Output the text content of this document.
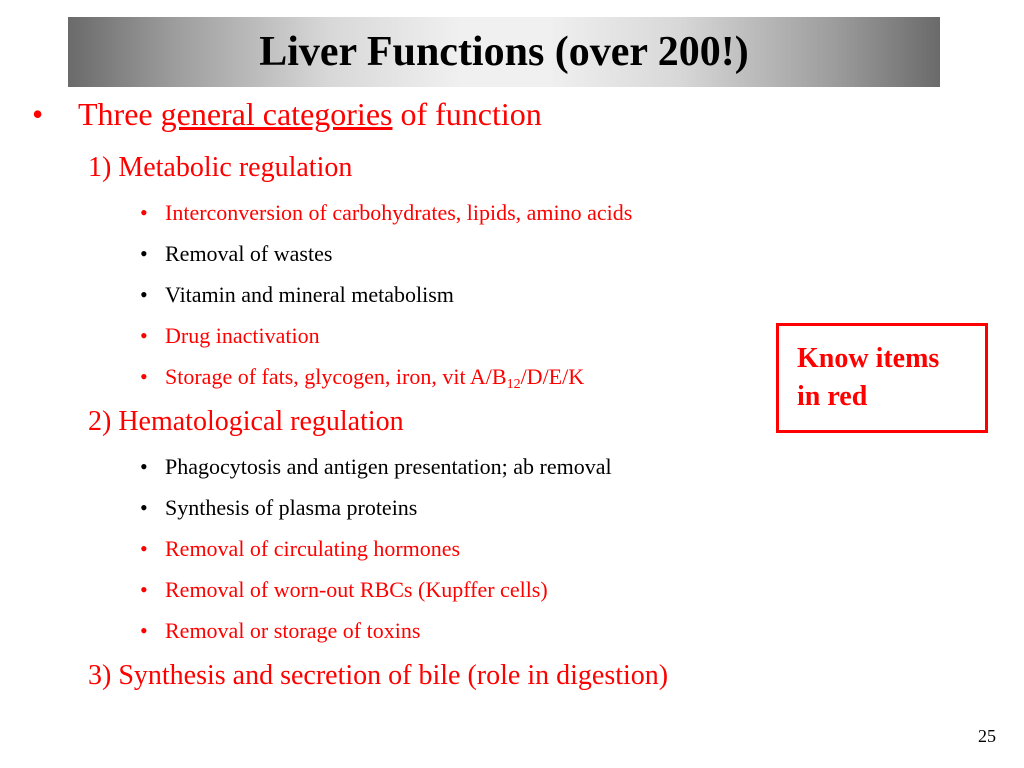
Liver Functions (over 200!)
• Three general categories of function
1) Metabolic regulation
• Interconversion of carbohydrates, lipids, amino acids
• Removal of wastes
• Vitamin and mineral metabolism
• Drug inactivation
• Storage of fats, glycogen, iron, vit $A/B_{12}/D/E/K$
2) Hematological regulation
• Phagocytosis and antigen presentation; ab removal
• Synthesis of plasma proteins
• Removal of circulating hormones
• Removal of worn-out RBCs (Kupffer cells)
• Removal or storage of toxins
3) Synthesis and secretion of bile (role in digestion)
Know items
in red
25
